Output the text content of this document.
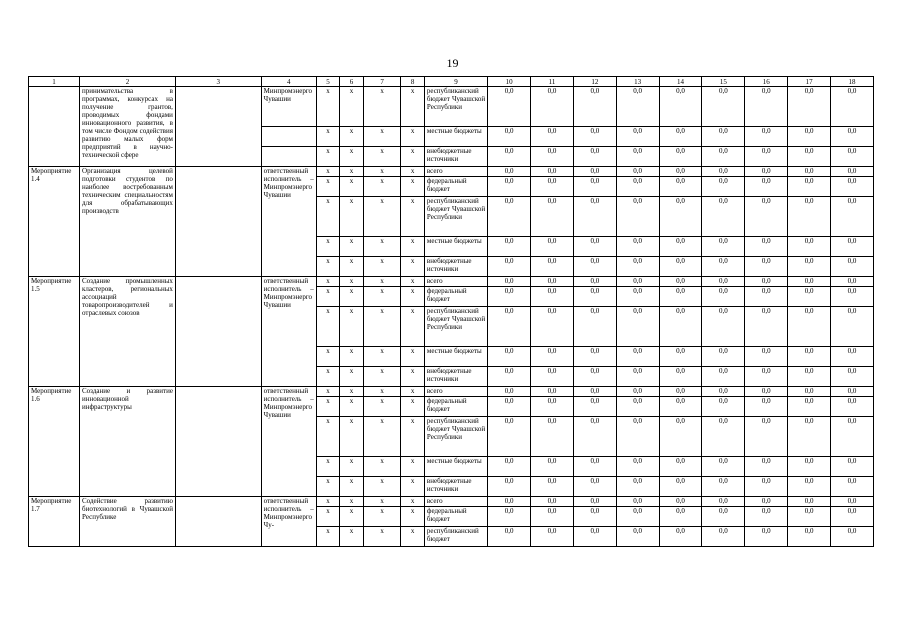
19
1	2	3	4	5	6	7	8	9	10	11	12	13	14	15	16	17	18
	принимательства в программах, конкурсах на получение грантов, проводимых фондами инновационного развития, в том числе Фондом содействия развитию малых форм предприятий в научно-технической сфере		Минпромэнерго Чувашии	x	x	x	x	республиканский бюджет Чувашской Республики	0,0	0,0	0,0	0,0	0,0	0,0	0,0	0,0	0,0
				x	x	x	x	местные бюджеты	0,0	0,0	0,0	0,0	0,0	0,0	0,0	0,0	0,0
				x	x	x	x	внебюджетные источники	0,0	0,0	0,0	0,0	0,0	0,0	0,0	0,0	0,0
Мероприятие 1.4	Организация целевой подготовки студентов по наиболее востребованным техническим специальностям для обрабатывающих производств		ответственный исполнитель – Минпромэнерго Чувашии	x	x	x	x	всего	0,0	0,0	0,0	0,0	0,0	0,0	0,0	0,0	0,0
				x	x	x	x	федеральный бюджет	0,0	0,0	0,0	0,0	0,0	0,0	0,0	0,0	0,0
				x	x	x	x	республиканский бюджет Чувашской Республики	0,0	0,0	0,0	0,0	0,0	0,0	0,0	0,0	0,0
				x	x	x	x	местные бюджеты	0,0	0,0	0,0	0,0	0,0	0,0	0,0	0,0	0,0
				x	x	x	x	внебюджетные источники	0,0	0,0	0,0	0,0	0,0	0,0	0,0	0,0	0,0
Мероприятие 1.5	Создание промышленных кластеров, региональных ассоциаций товаропроизводителей и отраслевых союзов		ответственный исполнитель – Минпромэнерго Чувашии	x	x	x	x	всего	0,0	0,0	0,0	0,0	0,0	0,0	0,0	0,0	0,0
				x	x	x	x	федеральный бюджет	0,0	0,0	0,0	0,0	0,0	0,0	0,0	0,0	0,0
				x	x	x	x	республиканский бюджет Чувашской Республики	0,0	0,0	0,0	0,0	0,0	0,0	0,0	0,0	0,0
				x	x	x	x	местные бюджеты	0,0	0,0	0,0	0,0	0,0	0,0	0,0	0,0	0,0
				x	x	x	x	внебюджетные источники	0,0	0,0	0,0	0,0	0,0	0,0	0,0	0,0	0,0
Мероприятие 1.6	Создание и развитие инновационной инфраструктуры		ответственный исполнитель – Минпромэнерго Чувашии	x	x	x	x	всего	0,0	0,0	0,0	0,0	0,0	0,0	0,0	0,0	0,0
				x	x	x	x	федеральный бюджет	0,0	0,0	0,0	0,0	0,0	0,0	0,0	0,0	0,0
				x	x	x	x	республиканский бюджет Чувашской Республики	0,0	0,0	0,0	0,0	0,0	0,0	0,0	0,0	0,0
				x	x	x	x	местные бюджеты	0,0	0,0	0,0	0,0	0,0	0,0	0,0	0,0	0,0
				x	x	x	x	внебюджетные источники	0,0	0,0	0,0	0,0	0,0	0,0	0,0	0,0	0,0
Мероприятие 1.7	Содействие развитию биотехнологий в Чувашской Республике		ответственный исполнитель – Минпромэнерго Чу-	x	x	x	x	всего	0,0	0,0	0,0	0,0	0,0	0,0	0,0	0,0	0,0
				x	x	x	x	федеральный бюджет	0,0	0,0	0,0	0,0	0,0	0,0	0,0	0,0	0,0
				x	x	x	x	республиканский бюджет	0,0	0,0	0,0	0,0	0,0	0,0	0,0	0,0	0,0
